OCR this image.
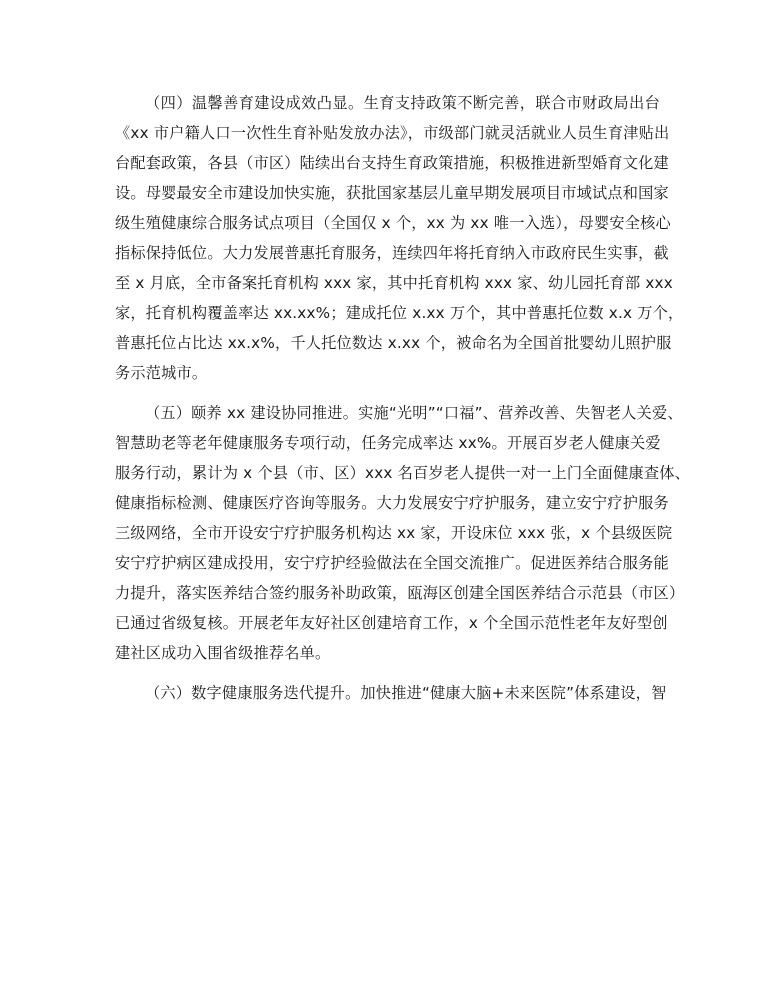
（四）温馨善育建设成效凸显。生育支持政策不断完善，联合市财政局出台
《xx 市户籍人口一次性生育补贴发放办法》，市级部门就灵活就业人员生育津贴出
台配套政策，各县（市区）陆续出台支持生育政策措施，积极推进新型婚育文化建
设。母婴最安全市建设加快实施，获批国家基层儿童早期发展项目市域试点和国家
级生殖健康综合服务试点项目（全国仅 x 个，xx 为 xx 唯一入选），母婴安全核心
指标保持低位。大力发展普惠托育服务，连续四年将托育纳入市政府民生实事，截
至 x 月底，全市备案托育机构 xxx 家，其中托育机构 xxx 家、幼儿园托育部 xxx
家，托育机构覆盖率达 xx.xx%；建成托位 x.xx 万个，其中普惠托位数 x.x 万个，
普惠托位占比达 xx.x%，千人托位数达 x.xx 个，被命名为全国首批婴幼儿照护服
务示范城市。
（五）颐养 xx 建设协同推进。实施“光明”“口福”、营养改善、失智老人关爱、
智慧助老等老年健康服务专项行动，任务完成率达 xx%。开展百岁老人健康关爱
服务行动，累计为 x 个县（市、区）xxx 名百岁老人提供一对一上门全面健康查体、
健康指标检测、健康医疗咨询等服务。大力发展安宁疗护服务，建立安宁疗护服务
三级网络，全市开设安宁疗护服务机构达 xx 家，开设床位 xxx 张，x 个县级医院
安宁疗护病区建成投用，安宁疗护经验做法在全国交流推广。促进医养结合服务能
力提升，落实医养结合签约服务补助政策，瓯海区创建全国医养结合示范县（市区）
已通过省级复核。开展老年友好社区创建培育工作，x 个全国示范性老年友好型创
建社区成功入围省级推荐名单。
（六）数字健康服务迭代提升。加快推进“健康大脑+未来医院”体系建设，智
